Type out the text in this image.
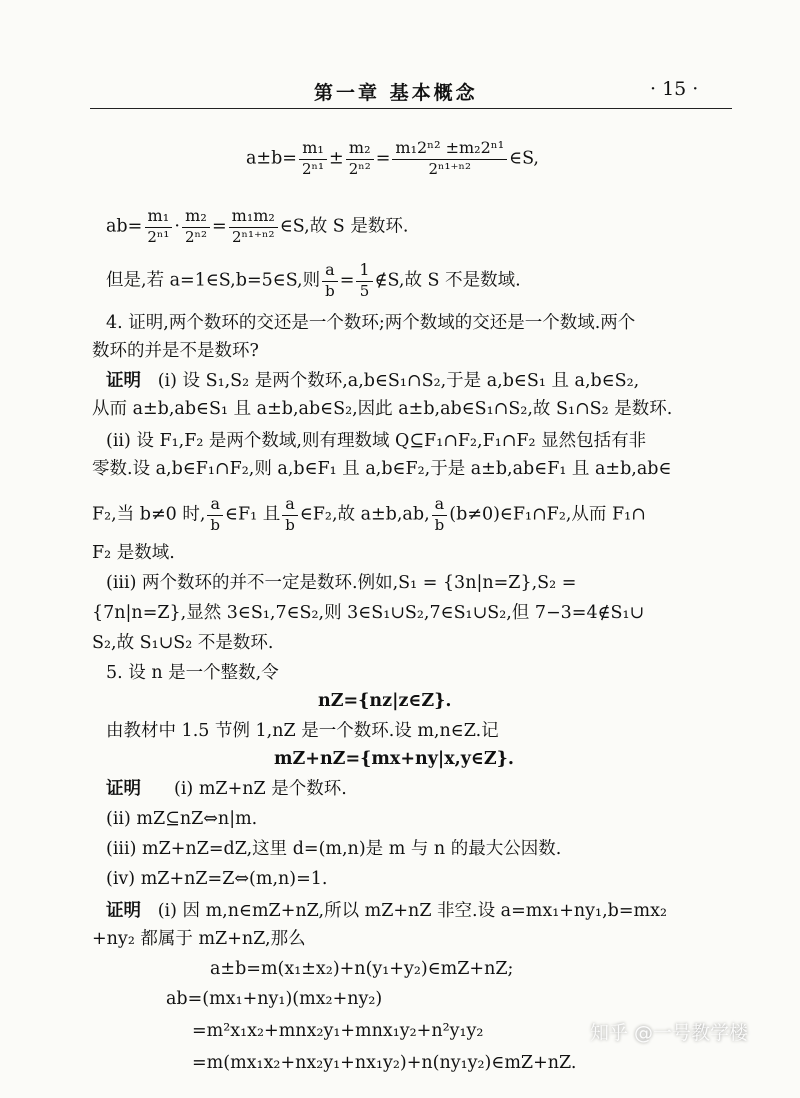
第一章 基本概念	· 15 ·
$a\pm b= \frac{\text{m₁}}{\text{2ⁿ¹}} \pm \frac{\text{m₂}}{\text{2ⁿ²}} = \frac{\text{m₁2ⁿ² ±m₂2ⁿ¹}}{\text{2ⁿ¹⁺ⁿ²}}$ ∈S,
$ab= \frac{\text{m₁}}{\text{2ⁿ¹}} \cdot \frac{\text{m₂}}{\text{2ⁿ²}} = \frac{\text{m₁m₂}}{\text{2ⁿ¹⁺ⁿ²}}$ ∈S,故 S 是数环.
但是,若 a=1∈S,b=5∈S,则 $\frac{a}{b} = \frac{1}{5}$ ∉S,故 S 不是数域.
4. 证明,两个数环的交还是一个数环;两个数域的交还是一个数域.两个
数环的并是不是数环?
证明 (i) 设 S₁,S₂ 是两个数环,a,b∈S₁∩S₂,于是 a,b∈S₁ 且 a,b∈S₂,
从而 a±b,ab∈S₁ 且 a±b,ab∈S₂,因此 a±b,ab∈S₁∩S₂,故 S₁∩S₂ 是数环.
(ii) 设 F₁,F₂ 是两个数域,则有理数域 Q⊆F₁∩F₂,F₁∩F₂ 显然包括有非
零数.设 a,b∈F₁∩F₂,则 a,b∈F₁ 且 a,b∈F₂,于是 a±b,ab∈F₁ 且 a±b,ab∈
F₂,当 b≠0 时, $\frac{a}{b}$ ∈F₁ 且 $\frac{a}{b}$ ∈F₂,故 a±b,ab, $\frac{a}{b}$ (b≠0)∈F₁∩F₂,从而 F₁∩
F₂ 是数域.
(iii) 两个数环的并不一定是数环.例如,S₁ = {3n|n=Z},S₂ =
{7n|n=Z},显然 3∈S₁,7∈S₂,则 3∈S₁∪S₂,7∈S₁∪S₂,但 7−3=4∉S₁∪
S₂,故 S₁∪S₂ 不是数环.
5. 设 n 是一个整数,令
nZ={nz|z∈Z}.
由教材中 1.5 节例 1,nZ 是一个数环.设 m,n∈Z.记
mZ+nZ={mx+ny|x,y∈Z}.
证明 (i) mZ+nZ 是个数环.
(ii) mZ⊆nZ⇔n|m.
(iii) mZ+nZ=dZ,这里 d=(m,n)是 m 与 n 的最大公因数.
(iv) mZ+nZ=Z⇔(m,n)=1.
证明 (i) 因 m,n∈mZ+nZ,所以 mZ+nZ 非空.设 a=mx₁+ny₁,b=mx₂
+ny₂ 都属于 mZ+nZ,那么
a±b=m(x₁±x₂)+n(y₁+y₂)∈mZ+nZ;
ab=(mx₁+ny₁)(mx₂+ny₂)
=m²x₁x₂+mnx₂y₁+mnx₁y₂+n²y₁y₂
=m(mx₁x₂+nx₂y₁+nx₁y₂)+n(ny₁y₂)∈mZ+nZ.
知乎 @一号教学楼
